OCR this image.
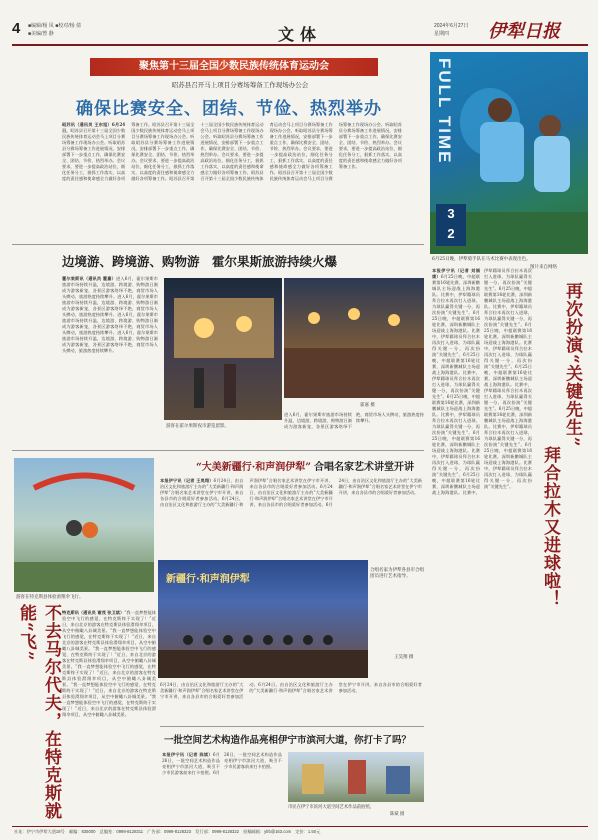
4 ■编辑/杨 凤 ■校对/杨 倩
■美编/曾 静	文体	2024年6月27日
星期四 伊犁日报
聚焦第十三届全国少数民族传统体育运动会
昭苏县召开马上项目分赛场筹备工作现场办公会
确保比赛安全、团结、节俭、热烈举办
昭苏讯（通讯员 王东旭）6月24日，昭苏县召开第十三届全国少数民族传统体育运动会马上项目分赛场筹备工作现场办公会。听取昭苏县分赛场筹备工作进展情况，安排部署下一步重点工作，确保比赛安全、团结、节俭、热烈举办。会议要求，要进一步提高政治站位，细化任务分工，狠抓工作落实，以高度的责任感和使命感全力做好各项筹备工作。昭苏县召开第十三届全国少数民族传统体育运动会马上项目分赛场筹备工作现场办公会。听取昭苏县分赛场筹备工作进展情况，安排部署下一步重点工作，确保比赛安全、团结、节俭、热烈举办。会议要求，要进一步提高政治站位，细化任务分工，狠抓工作落实，以高度的责任感和使命感全力做好各项筹备工作。昭苏县召开第十三届全国少数民族传统体育运动会马上项目分赛场筹备工作现场办公会。听取昭苏县分赛场筹备工作进展情况，安排部署下一步重点工作，确保比赛安全、团结、节俭、热烈举办。会议要求，要进一步提高政治站位，细化任务分工，狠抓工作落实，以高度的责任感和使命感全力做好各项筹备工作。昭苏县召开第十三届全国少数民族传统体育运动会马上项目分赛场筹备工作现场办公会。听取昭苏县分赛场筹备工作进展情况，安排部署下一步重点工作，确保比赛安全、团结、节俭、热烈举办。会议要求，要进一步提高政治站位，细化任务分工，狠抓工作落实，以高度的责任感和使命感全力做好各项筹备工作。昭苏县召开第十三届全国少数民族传统体育运动会马上项目分赛场筹备工作现场办公会。听取昭苏县分赛场筹备工作进展情况，安排部署下一步重点工作，确保比赛安全、团结、节俭、热烈举办。会议要求，要进一步提高政治站位，细化任务分工，狠抓工作落实，以高度的责任感和使命感全力做好各项筹备工作。
FULL TIME
3
2
6月25日晚，伊犁骑手队在马术比赛中表现出色。
图片来自网络
边境游、跨境游、购物游　霍尔果斯旅游持续火爆
霍尔果斯讯（通讯员 霍嘉）进入6月，霍尔果斯市旅游市场持续升温，边境游、跨境游、购物游日渐成为游客新宠，各景区游客络绎不绝，商贸市场人头攒动，旅游热度持续攀升。进入6月，霍尔果斯市旅游市场持续升温，边境游、跨境游、购物游日渐成为游客新宠，各景区游客络绎不绝，商贸市场人头攒动，旅游热度持续攀升。进入6月，霍尔果斯市旅游市场持续升温，边境游、跨境游、购物游日渐成为游客新宠，各景区游客络绎不绝，商贸市场人头攒动，旅游热度持续攀升。进入6月，霍尔果斯市旅游市场持续升温，边境游、跨境游、购物游日渐成为游客新宠，各景区游客络绎不绝，商贸市场人头攒动，旅游热度持续攀升。
游客在霍尔果斯夜市游览留影。
霍嘉 摄
进入6月，霍尔果斯市旅游市场持续升温，边境游、跨境游、购物游日渐成为游客新宠，各景区游客络绎不绝，商贸市场人头攒动，旅游热度持续攀升。
本报伊宁讯（记者 刘福康）6月25日晚，中超联赛第16轮比赛，深圳新鹏城队主场迎战上海海港队。比赛中，伊犁籍球员拜合拉木再次打入进球，为球队赢得关键一分，再次扮演“关键先生”。6月25日晚，中超联赛第16轮比赛，深圳新鹏城队主场迎战上海海港队。比赛中，伊犁籍球员拜合拉木再次打入进球，为球队赢得关键一分，再次扮演“关键先生”。6月25日晚，中超联赛第16轮比赛，深圳新鹏城队主场迎战上海海港队。比赛中，伊犁籍球员拜合拉木再次打入进球，为球队赢得关键一分，再次扮演“关键先生”。6月25日晚，中超联赛第16轮比赛，深圳新鹏城队主场迎战上海海港队。比赛中，伊犁籍球员拜合拉木再次打入进球，为球队赢得关键一分，再次扮演“关键先生”。6月25日晚，中超联赛第16轮比赛，深圳新鹏城队主场迎战上海海港队。比赛中，伊犁籍球员拜合拉木再次打入进球，为球队赢得关键一分，再次扮演“关键先生”。6月25日晚，中超联赛第16轮比赛，深圳新鹏城队主场迎战上海海港队。比赛中，伊犁籍球员拜合拉木再次打入进球，为球队赢得关键一分，再次扮演“关键先生”。6月25日晚，中超联赛第16轮比赛，深圳新鹏城队主场迎战上海海港队。比赛中，伊犁籍球员拜合拉木再次打入进球，为球队赢得关键一分，再次扮演“关键先生”。6月25日晚，中超联赛第16轮比赛，深圳新鹏城队主场迎战上海海港队。比赛中，伊犁籍球员拜合拉木再次打入进球，为球队赢得关键一分，再次扮演“关键先生”。6月25日晚，中超联赛第16轮比赛，深圳新鹏城队主场迎战上海海港队。比赛中，伊犁籍球员拜合拉木再次打入进球，为球队赢得关键一分，再次扮演“关键先生”。6月25日晚，中超联赛第16轮比赛，深圳新鹏城队主场迎战上海海港队。比赛中，伊犁籍球员拜合拉木再次打入进球，为球队赢得关键一分，再次扮演“关键先生”。6月25日晚，中超联赛第16轮比赛，深圳新鹏城队主场迎战上海海港队。比赛中，伊犁籍球员拜合拉木再次打入进球，为球队赢得关键一分，再次扮演“关键先生”。
再次扮演“关键先生”
拜合拉木又进球啦！
“大美新疆行·和声润伊犁” 合唱名家艺术讲堂开讲
本报伊宁讯（记者 王昊翔）6月24日，由自治区文化和旅游厅主办的“大美新疆行·和声润伊犁”合唱名家艺术讲堂在伊宁市开讲，来自各县市的合唱爱好者参加活动。6月24日，由自治区文化和旅游厅主办的“大美新疆行·和声润伊犁”合唱名家艺术讲堂在伊宁市开讲，来自各县市的合唱爱好者参加活动。6月24日，由自治区文化和旅游厅主办的“大美新疆行·和声润伊犁”合唱名家艺术讲堂在伊宁市开讲，来自各县市的合唱爱好者参加活动。6月24日，由自治区文化和旅游厅主办的“大美新疆行·和声润伊犁”合唱名家艺术讲堂在伊宁市开讲，来自各县市的合唱爱好者参加活动。
新疆行·和声润伊犁
合唱名家为伊犁各县市合唱团员进行艺术指导。
王昊翔 摄
游客在特克斯县体验滑翔伞飞行。
不去马尔代夫，在特克斯就能“飞”	特克斯讯（通讯员 谢茂 张卫斌）“我一直梦想能体验空中飞行的感觉，在特克斯终于实现了！”近日，来自北京的游客在特克斯县体验滑翔伞项目，从空中俯瞰八卦城美景。“我一直梦想能体验空中飞行的感觉，在特克斯终于实现了！”近日，来自北京的游客在特克斯县体验滑翔伞项目，从空中俯瞰八卦城美景。“我一直梦想能体验空中飞行的感觉，在特克斯终于实现了！”近日，来自北京的游客在特克斯县体验滑翔伞项目，从空中俯瞰八卦城美景。“我一直梦想能体验空中飞行的感觉，在特克斯终于实现了！”近日，来自北京的游客在特克斯县体验滑翔伞项目，从空中俯瞰八卦城美景。“我一直梦想能体验空中飞行的感觉，在特克斯终于实现了！”近日，来自北京的游客在特克斯县体验滑翔伞项目，从空中俯瞰八卦城美景。“我一直梦想能体验空中飞行的感觉，在特克斯终于实现了！”近日，来自北京的游客在特克斯县体验滑翔伞项目，从空中俯瞰八卦城美景。
6月24日，由自治区文化和旅游厅主办的“大美新疆行·和声润伊犁”合唱名家艺术讲堂在伊宁市开讲，来自各县市的合唱爱好者参加活动。6月24日，由自治区文化和旅游厅主办的“大美新疆行·和声润伊犁”合唱名家艺术讲堂在伊宁市开讲，来自各县市的合唱爱好者参加活动。
一批空间艺术构造作品亮相伊宁市滨河大道，你打卡了吗？
本报伊宁讯（记者 陈斌）6月26日，一批空间艺术构造作品亮相伊宁市滨河大道，吸引不少市民游客前来打卡拍照。6月26日，一批空间艺术构造作品亮相伊宁市滨河大道，吸引不少市民游客前来打卡拍照。
市民在伊宁市滨河大道空间艺术作品前拍照。
陈斌 摄
社址：伊宁市伊犁大道18号　邮编：835000　总编室：0999-8128311　广告部：0999-8128323　发行部：0999-8128322　投稿邮箱：ylrb@163.com　定价：1.50元
